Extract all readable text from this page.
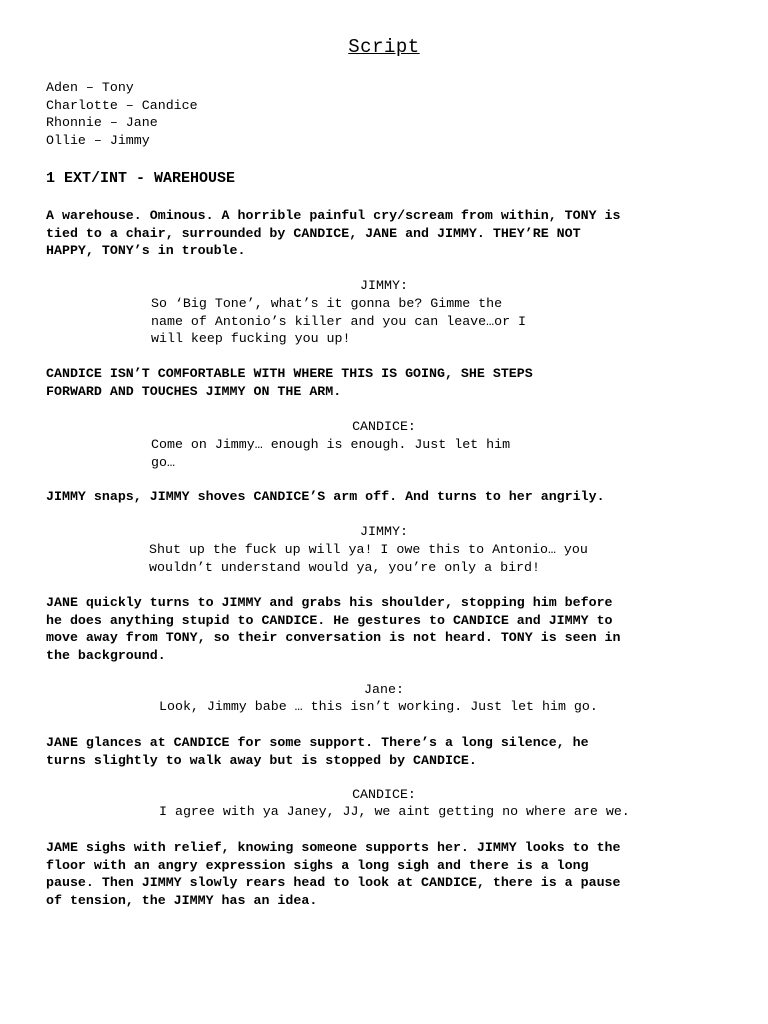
Script
Aden – Tony
Charlotte – Candice
Rhonnie – Jane
Ollie – Jimmy
1 EXT/INT - WAREHOUSE
A warehouse. Ominous. A horrible painful cry/scream from within, TONY is
tied to a chair, surrounded by CANDICE, JANE and JIMMY. THEY’RE NOT
HAPPY, TONY’s in trouble.
JIMMY:
So ‘Big Tone’, what’s it gonna be? Gimme the
name of Antonio’s killer and you can leave…or I
will keep fucking you up!
CANDICE ISN’T COMFORTABLE WITH WHERE THIS IS GOING, SHE STEPS
FORWARD AND TOUCHES JIMMY ON THE ARM.
CANDICE:
Come on Jimmy… enough is enough. Just let him
go…
JIMMY snaps, JIMMY shoves CANDICE’S arm off. And turns to her angrily.
JIMMY:
Shut up the fuck up will ya! I owe this to Antonio… you
wouldn’t understand would ya, you’re only a bird!
JANE quickly turns to JIMMY and grabs his shoulder, stopping him before
he does anything stupid to CANDICE. He gestures to CANDICE and JIMMY to
move away from TONY, so their conversation is not heard. TONY is seen in
the background.
Jane:
Look, Jimmy babe … this isn’t working. Just let him go.
JANE glances at CANDICE for some support. There’s a long silence, he
turns slightly to walk away but is stopped by CANDICE.
CANDICE:
I agree with ya Janey, JJ, we aint getting no where are we.
JAME sighs with relief, knowing someone supports her. JIMMY looks to the
floor with an angry expression sighs a long sigh and there is a long
pause. Then JIMMY slowly rears head to look at CANDICE, there is a pause
of tension, the JIMMY has an idea.
